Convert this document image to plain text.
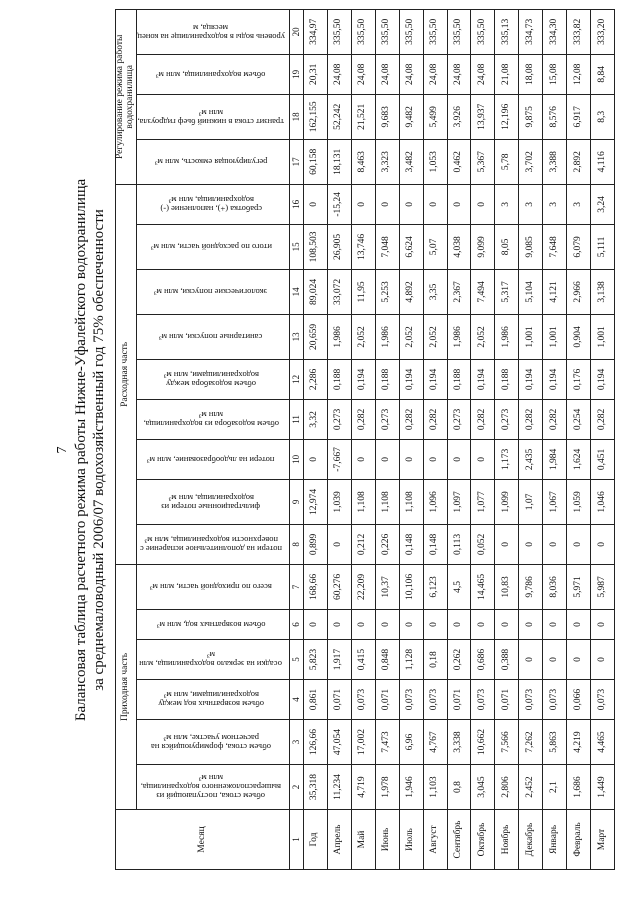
7 Балансовая таблица расчетного режима работы Нижне-Уфалейского водохранилища за среднемаловодный 2006/07 водохозяйственный год 75% обеспеченности
Месяц	Приходная часть						Расходная часть									Регулирование режима работы водохранилища			
	объем стока, поступающий из вышерасположенного водохранилища, млн м³	объем стока, формирующийся на расчетном участке, млн м³	объем возвратных вод между водохранилищами, млн м³	осадки на зеркало водохранилища, млн м³	объем возвратных вод, млн м³	всего по приходной части, млн м³	потери на дополнительное испарение с поверхности водохранилища, млн м³	фильтрационные потери из водохранилища, млн м³	потери на льдообразование, млн м³	объем водозабора из водохранилища, млн м³	объем водозабора между водохранилищами, млн м³	санитарные попуски, млн м³	экологические попуски, млн м³	итого по расходной части, млн м³	сработка (+), наполнение (-) водохранилища, млн м³	регулирующая емкость, млн м³	транзит стока в нижний бьеф гидроузла, млн м³	объем водохранилища, млн м³	уровень воды в водохранилище на конец месяца, м
1	2	3	4	5	6	7	8	9	10	11	12	13	14	15	16	17	18	19	20
Год	35,318	126,66	0,861	5,823	0	168,66	0,899	12,974	0	3,32	2,286	20,659	89,024	108,503	0	60,158	162,155	20,31	334,97
Апрель	11,234	47,054	0,071	1,917	0	60,276	0	1,039	-7,667	0,273	0,188	1,986	33,072	26,905	-15,24	18,131	52,242	24,08	335,50
Май	4,719	17,002	0,073	0,415	0	22,209	0,212	1,108	0	0,282	0,194	2,052	11,95	13,746	0	8,463	21,521	24,08	335,50
Июнь	1,978	7,473	0,071	0,848	0	10,37	0,226	1,108	0	0,273	0,188	1,986	5,253	7,048	0	3,323	9,683	24,08	335,50
Июль	1,946	6,96	0,073	1,128	0	10,106	0,148	1,108	0	0,282	0,194	2,052	4,892	6,624	0	3,482	9,482	24,08	335,50
Август	1,103	4,767	0,073	0,18	0	6,123	0,148	1,096	0	0,282	0,194	2,052	3,35	5,07	0	1,053	5,499	24,08	335,50
Сентябрь	0,8	3,338	0,071	0,262	0	4,5	0,113	1,097	0	0,273	0,188	1,986	2,367	4,038	0	0,462	3,926	24,08	335,50
Октябрь	3,045	10,662	0,073	0,686	0	14,465	0,052	1,077	0	0,282	0,194	2,052	7,494	9,099	0	5,367	13,937	24,08	335,50
Ноябрь	2,806	7,566	0,071	0,388	0	10,83	0	1,099	1,173	0,273	0,188	1,986	5,317	8,05	3	5,78	12,196	21,08	335,13
Декабрь	2,452	7,262	0,073	0	0	9,786	0	1,07	2,435	0,282	0,194	1,001	5,104	9,085	3	3,702	9,875	18,08	334,73
Январь	2,1	5,863	0,073	0	0	8,036	0	1,067	1,984	0,282	0,194	1,001	4,121	7,648	3	3,388	8,576	15,08	334,30
Февраль	1,686	4,219	0,066	0	0	5,971	0	1,059	1,624	0,254	0,176	0,904	2,966	6,079	3	2,892	6,917	12,08	333,82
Март	1,449	4,465	0,073	0	0	5,987	0	1,046	0,451	0,282	0,194	1,001	3,138	5,111	3,24	4,116	8,3	8,84	333,20
